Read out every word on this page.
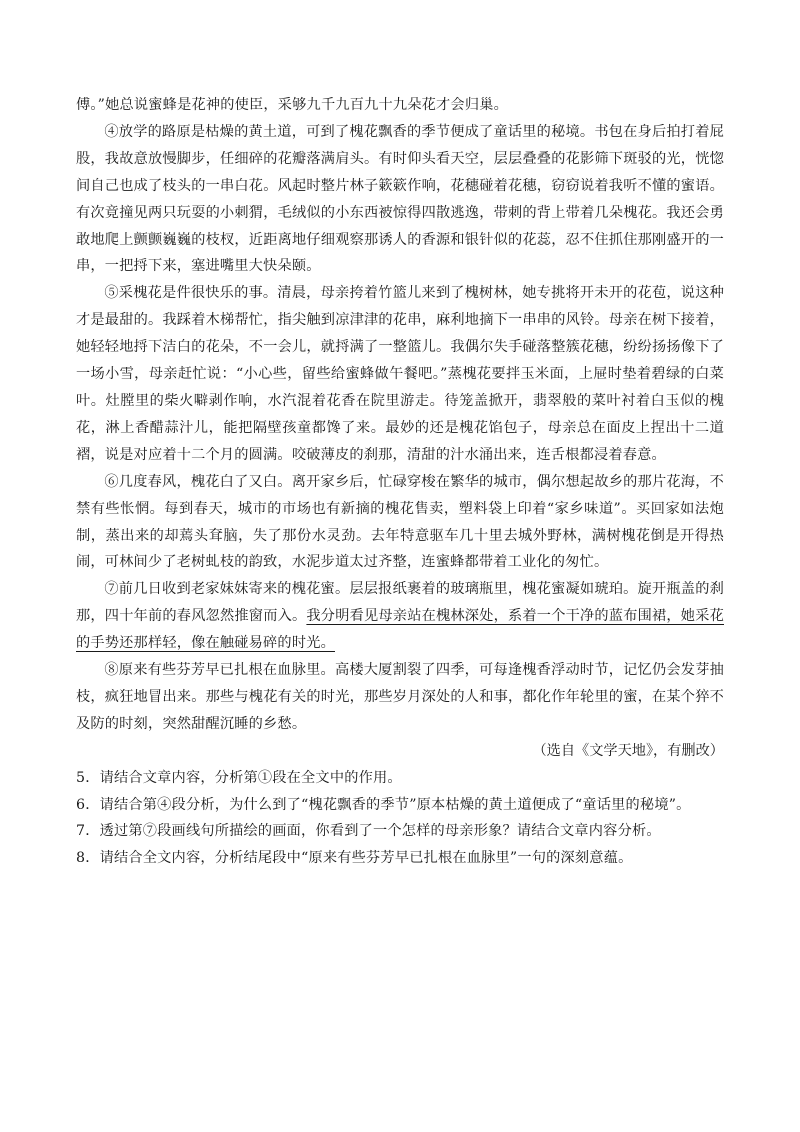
傅。”她总说蜜蜂是花神的使臣，采够九千九百九十九朵花才会归巢。

④放学的路原是枯燥的黄土道，可到了槐花飘香的季节便成了童话里的秘境。书包在身后拍打着屁股，我故意放慢脚步，任细碎的花瓣落满肩头。有时仰头看天空，层层叠叠的花影筛下斑驳的光，恍惚间自己也成了枝头的一串白花。风起时整片林子簌簌作响，花穗碰着花穗，窃窃说着我听不懂的蜜语。有次竟撞见两只玩耍的小刺猬，毛绒似的小东西被惊得四散逃逸，带刺的背上带着几朵槐花。我还会勇敢地爬上颤颤巍巍的枝杈，近距离地仔细观察那诱人的香源和银针似的花蕊，忍不住抓住那刚盛开的一串，一把捋下来，塞进嘴里大快朵颐。

⑤采槐花是件很快乐的事。清晨，母亲挎着竹篮儿来到了槐树林，她专挑将开未开的花苞，说这种才是最甜的。我踩着木梯帮忙，指尖触到凉津津的花串，麻利地摘下一串串的风铃。母亲在树下接着，她轻轻地捋下洁白的花朵，不一会儿，就捋满了一整篮儿。我偶尔失手碰落整簇花穗，纷纷扬扬像下了一场小雪，母亲赶忙说：“小心些，留些给蜜蜂做午餐吧。”蒸槐花要拌玉米面，上屉时垫着碧绿的白菜叶。灶膛里的柴火噼剥作响，水汽混着花香在院里游走。待笼盖掀开，翡翠般的菜叶衬着白玉似的槐花，淋上香醋蒜汁儿，能把隔壁孩童都馋了来。最妙的还是槐花馅包子，母亲总在面皮上捏出十二道褶，说是对应着十二个月的圆满。咬破薄皮的刹那，清甜的汁水涌出来，连舌根都浸着春意。

⑥几度春风，槐花白了又白。离开家乡后，忙碌穿梭在繁华的城市，偶尔想起故乡的那片花海，不禁有些怅惘。每到春天，城市的市场也有新摘的槐花售卖，塑料袋上印着“家乡味道”。买回家如法炮制，蒸出来的却蔫头耷脑，失了那份水灵劲。去年特意驱车几十里去城外野林，满树槐花倒是开得热闹，可林间少了老树虬枝的韵致，水泥步道太过齐整，连蜜蜂都带着工业化的匆忙。

⑦前几日收到老家妹妹寄来的槐花蜜。层层报纸裹着的玻璃瓶里，槐花蜜凝如琥珀。旋开瓶盖的刹那，四十年前的春风忽然推窗而入。我分明看见母亲站在槐林深处，系着一个干净的蓝布围裙，她采花的手势还那样轻，像在触碰易碎的时光。

⑧原来有些芬芳早已扎根在血脉里。高楼大厦割裂了四季，可每逢槐香浮动时节，记忆仍会发芽抽枝，疯狂地冒出来。那些与槐花有关的时光，那些岁月深处的人和事，都化作年轮里的蜜，在某个猝不及防的时刻，突然甜醒沉睡的乡愁。

（选自《文学天地》，有删改）

5．请结合文章内容，分析第①段在全文中的作用。

6．请结合第④段分析，为什么到了“槐花飘香的季节”原本枯燥的黄土道便成了“童话里的秘境”。

7．透过第⑦段画线句所描绘的画面，你看到了一个怎样的母亲形象？请结合文章内容分析。

8．请结合全文内容，分析结尾段中“原来有些芬芳早已扎根在血脉里”一句的深刻意蕴。
